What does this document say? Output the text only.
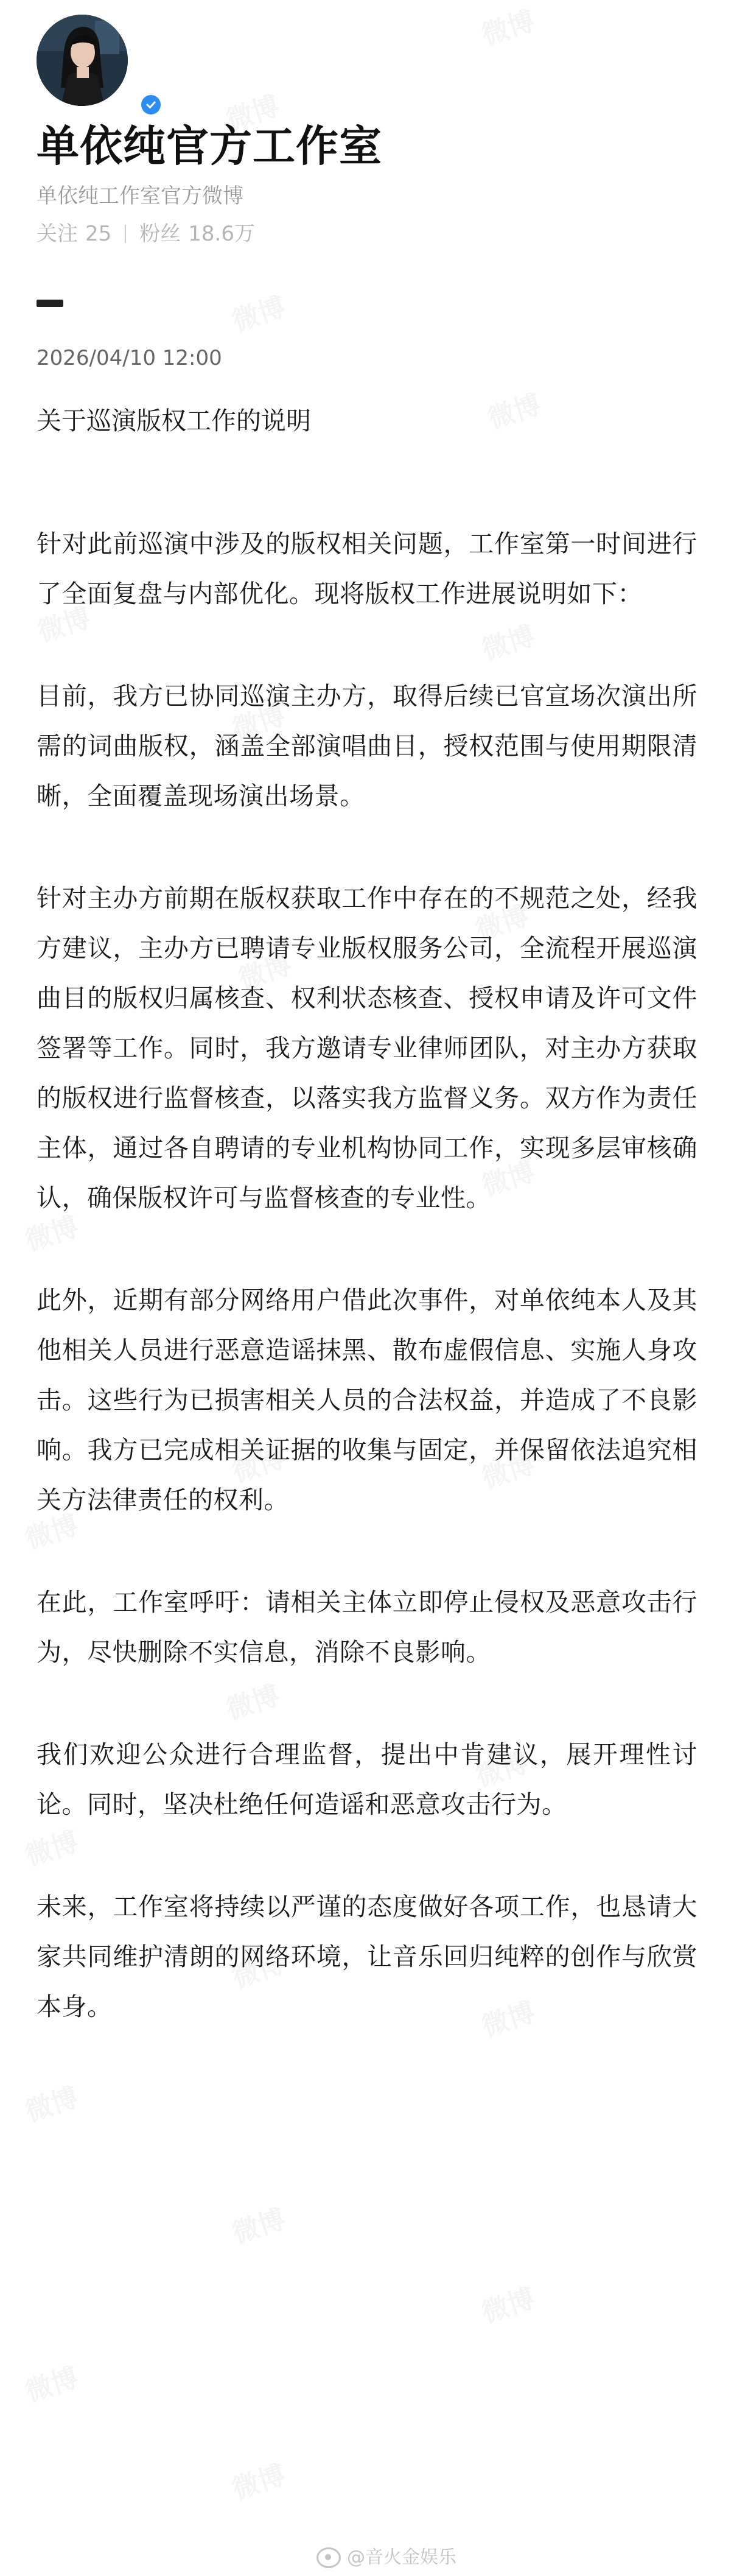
单依纯官方工作室
单依纯工作室官方微博
关注 25 粉丝 18.6万
2026/04/10 12:00
关于巡演版权工作的说明

针对此前巡演中涉及的版权相关问题，工作室第一时间进行了全面复盘与内部优化。现将版权工作进展说明如下：

目前，我方已协同巡演主办方，取得后续已官宣场次演出所需的词曲版权，涵盖全部演唱曲目，授权范围与使用期限清晰，全面覆盖现场演出场景。

针对主办方前期在版权获取工作中存在的不规范之处，经我方建议，主办方已聘请专业版权服务公司，全流程开展巡演曲目的版权归属核查、权利状态核查、授权申请及许可文件签署等工作。同时，我方邀请专业律师团队，对主办方获取的版权进行监督核查，以落实我方监督义务。双方作为责任主体，通过各自聘请的专业机构协同工作，实现多层审核确认，确保版权许可与监督核查的专业性。

此外，近期有部分网络用户借此次事件，对单依纯本人及其他相关人员进行恶意造谣抹黑、散布虚假信息、实施人身攻击。这些行为已损害相关人员的合法权益，并造成了不良影响。我方已完成相关证据的收集与固定，并保留依法追究相关方法律责任的权利。

在此，工作室呼吁：请相关主体立即停止侵权及恶意攻击行为，尽快删除不实信息，消除不良影响。

我们欢迎公众进行合理监督，提出中肯建议，展开理性讨论。同时，坚决杜绝任何造谣和恶意攻击行为。

未来，工作室将持续以严谨的态度做好各项工作，也恳请大家共同维护清朗的网络环境，让音乐回归纯粹的创作与欣赏本身。

@音火金娱乐
